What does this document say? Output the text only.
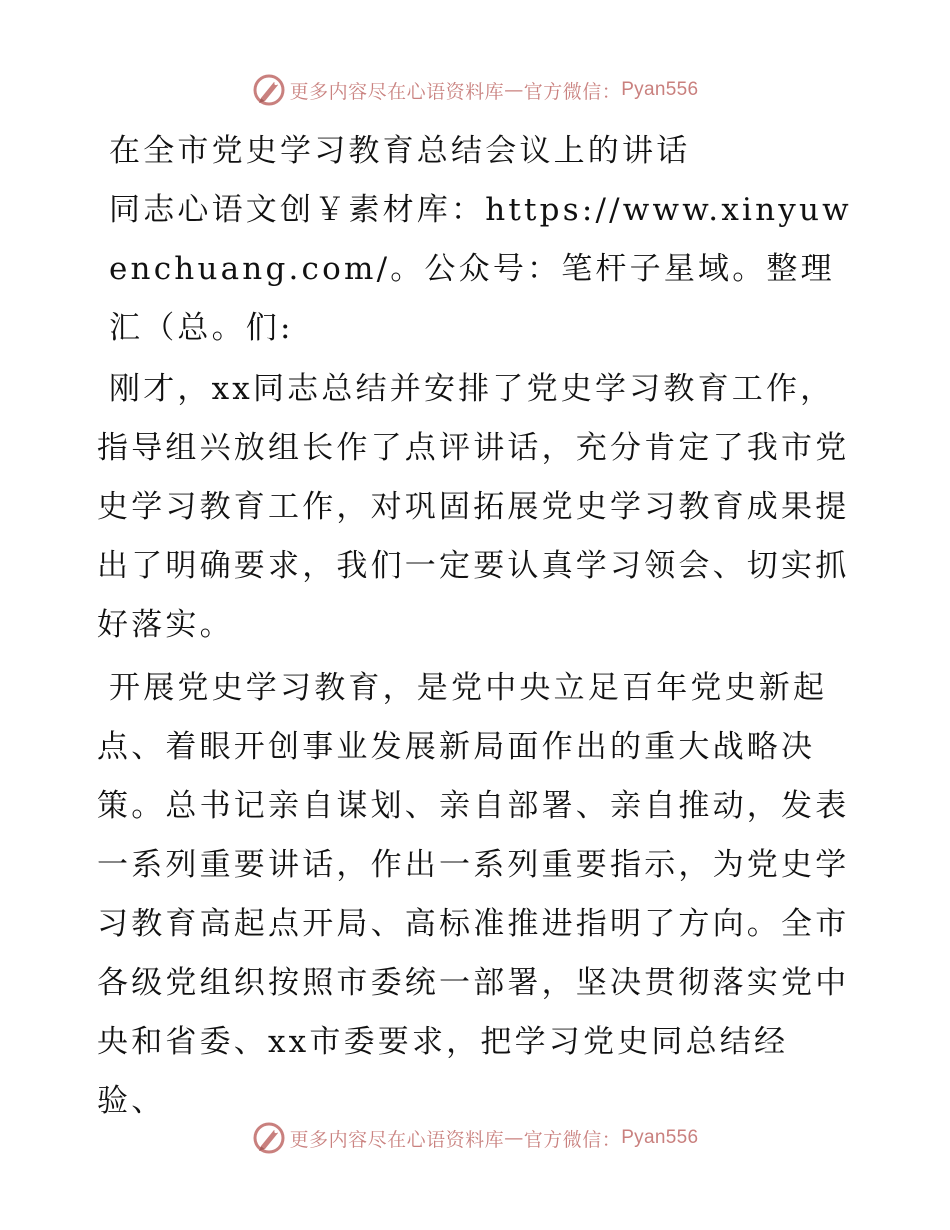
更多内容尽在心语资料库 — 官方微信： Pyan556

在全市党史学习教育总结会议上的讲话

同志心语文创￥素材库：https://www.xinyuwenchuang.com/。公众号：笔杆子星域。整理汇（总。们:

刚才，xx同志总结并安排了党史学习教育工作，指导组兴放组长作了点评讲话，充分肯定了我市党史学习教育工作，对巩固拓展党史学习教育成果提出了明确要求，我们一定要认真学习领会、切实抓好落实。

开展党史学习教育，是党中央立足百年党史新起点、着眼开创事业发展新局面作出的重大战略决策。总书记亲自谋划、亲自部署、亲自推动，发表一系列重要讲话，作出一系列重要指示，为党史学习教育高起点开局、高标准推进指明了方向。全市各级党组织按照市委统一部署，坚决贯彻落实党中央和省委、xx市委要求，把学习党史同总结经验、

更多内容尽在心语资料库 — 官方微信： Pyan556
